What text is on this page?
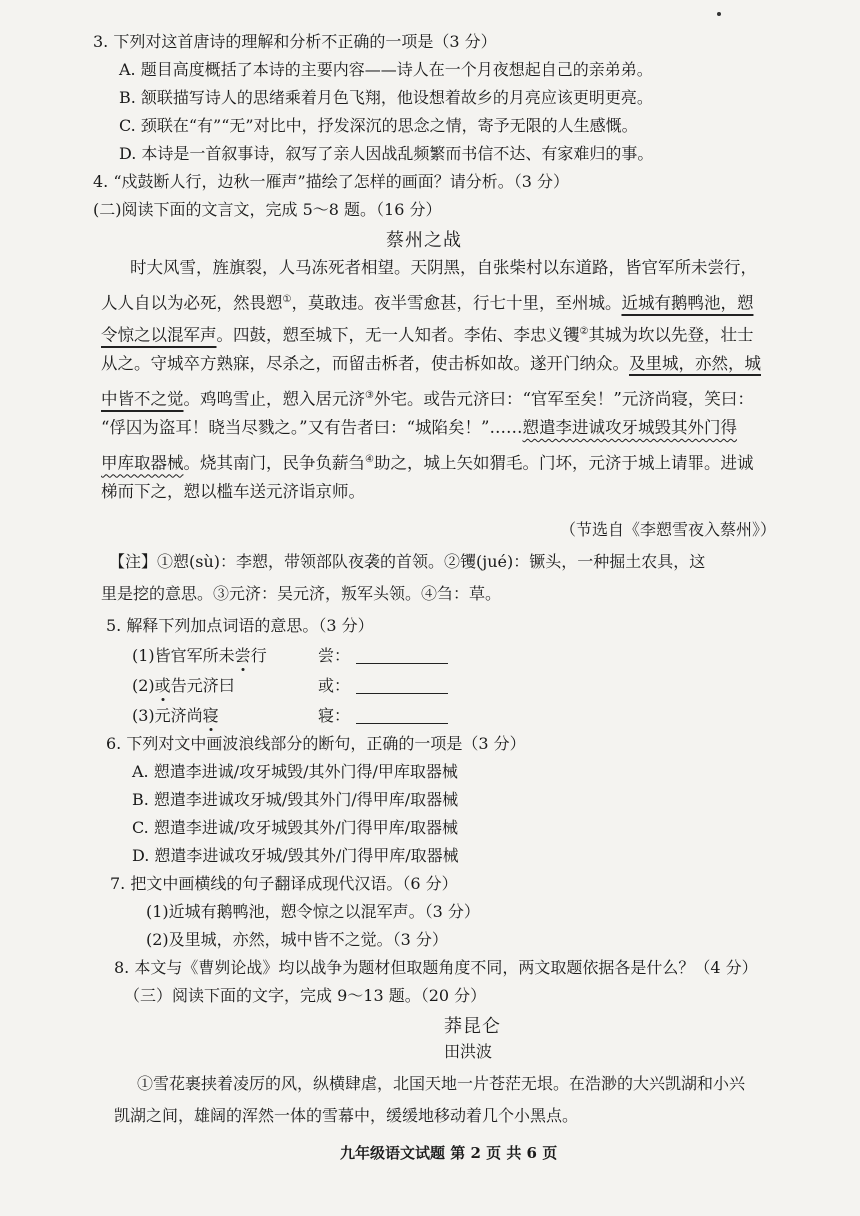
3. 下列对这首唐诗的理解和分析不正确的一项是（3 分）
A. 题目高度概括了本诗的主要内容——诗人在一个月夜想起自己的亲弟弟。
B. 颔联描写诗人的思绪乘着月色飞翔，他设想着故乡的月亮应该更明更亮。
C. 颈联在“有”“无”对比中，抒发深沉的思念之情，寄予无限的人生感慨。
D. 本诗是一首叙事诗，叙写了亲人因战乱频繁而书信不达、有家难归的事。
4. “戍鼓断人行，边秋一雁声”描绘了怎样的画面？请分析。（3 分）
(二)阅读下面的文言文，完成 5～8 题。（16 分）
蔡州之战
时大风雪，旌旗裂，人马冻死者相望。天阴黑，自张柴村以东道路，皆官军所未尝行，
人人自以为必死，然畏愬①，莫敢违。夜半雪愈甚，行七十里，至州城。近城有鹅鸭池，愬
令惊之以混军声。四鼓，愬至城下，无一人知者。李佑、李忠义䦆②其城为坎以先登，壮士
从之。守城卒方熟寐，尽杀之，而留击柝者，使击柝如故。遂开门纳众。及里城，亦然，城
中皆不之觉。鸡鸣雪止，愬入居元济③外宅。或告元济曰：“官军至矣！”元济尚寝，笑曰：
“俘囚为盗耳！晓当尽戮之。”又有告者曰：“城陷矣！”……愬遣李进诚攻牙城毁其外门得
甲库取器械。烧其南门，民争负薪刍④助之，城上矢如猬毛。门坏，元济于城上请罪。进诚
梯而下之，愬以槛车送元济诣京师。
（节选自《李愬雪夜入蔡州》）
【注】①愬(sù)：李愬，带领部队夜袭的首领。②䦆(jué)：镢头，一种掘土农具，这
里是挖的意思。③元济：吴元济，叛军头领。④刍：草。
5. 解释下列加点词语的意思。（3 分）
(1)皆官军所未尝行	尝：
(2)或告元济曰	或：
(3)元济尚寝	寝：
6. 下列对文中画波浪线部分的断句，正确的一项是（3 分）
A. 愬遣李进诚/攻牙城毁/其外门得/甲库取器械
B. 愬遣李进诚攻牙城/毁其外门/得甲库/取器械
C. 愬遣李进诚/攻牙城毁其外/门得甲库/取器械
D. 愬遣李进诚攻牙城/毁其外/门得甲库/取器械
7. 把文中画横线的句子翻译成现代汉语。（6 分）
(1)近城有鹅鸭池，愬令惊之以混军声。（3 分）
(2)及里城，亦然，城中皆不之觉。（3 分）
8. 本文与《曹刿论战》均以战争为题材但取题角度不同，两文取题依据各是什么？（4 分）
（三）阅读下面的文字，完成 9～13 题。（20 分）
莽昆仑
田洪波
①雪花裹挟着凌厉的风，纵横肆虐，北国天地一片苍茫无垠。在浩渺的大兴凯湖和小兴
凯湖之间，雄阔的浑然一体的雪幕中，缓缓地移动着几个小黑点。
九年级语文试题 第 2 页 共 6 页
